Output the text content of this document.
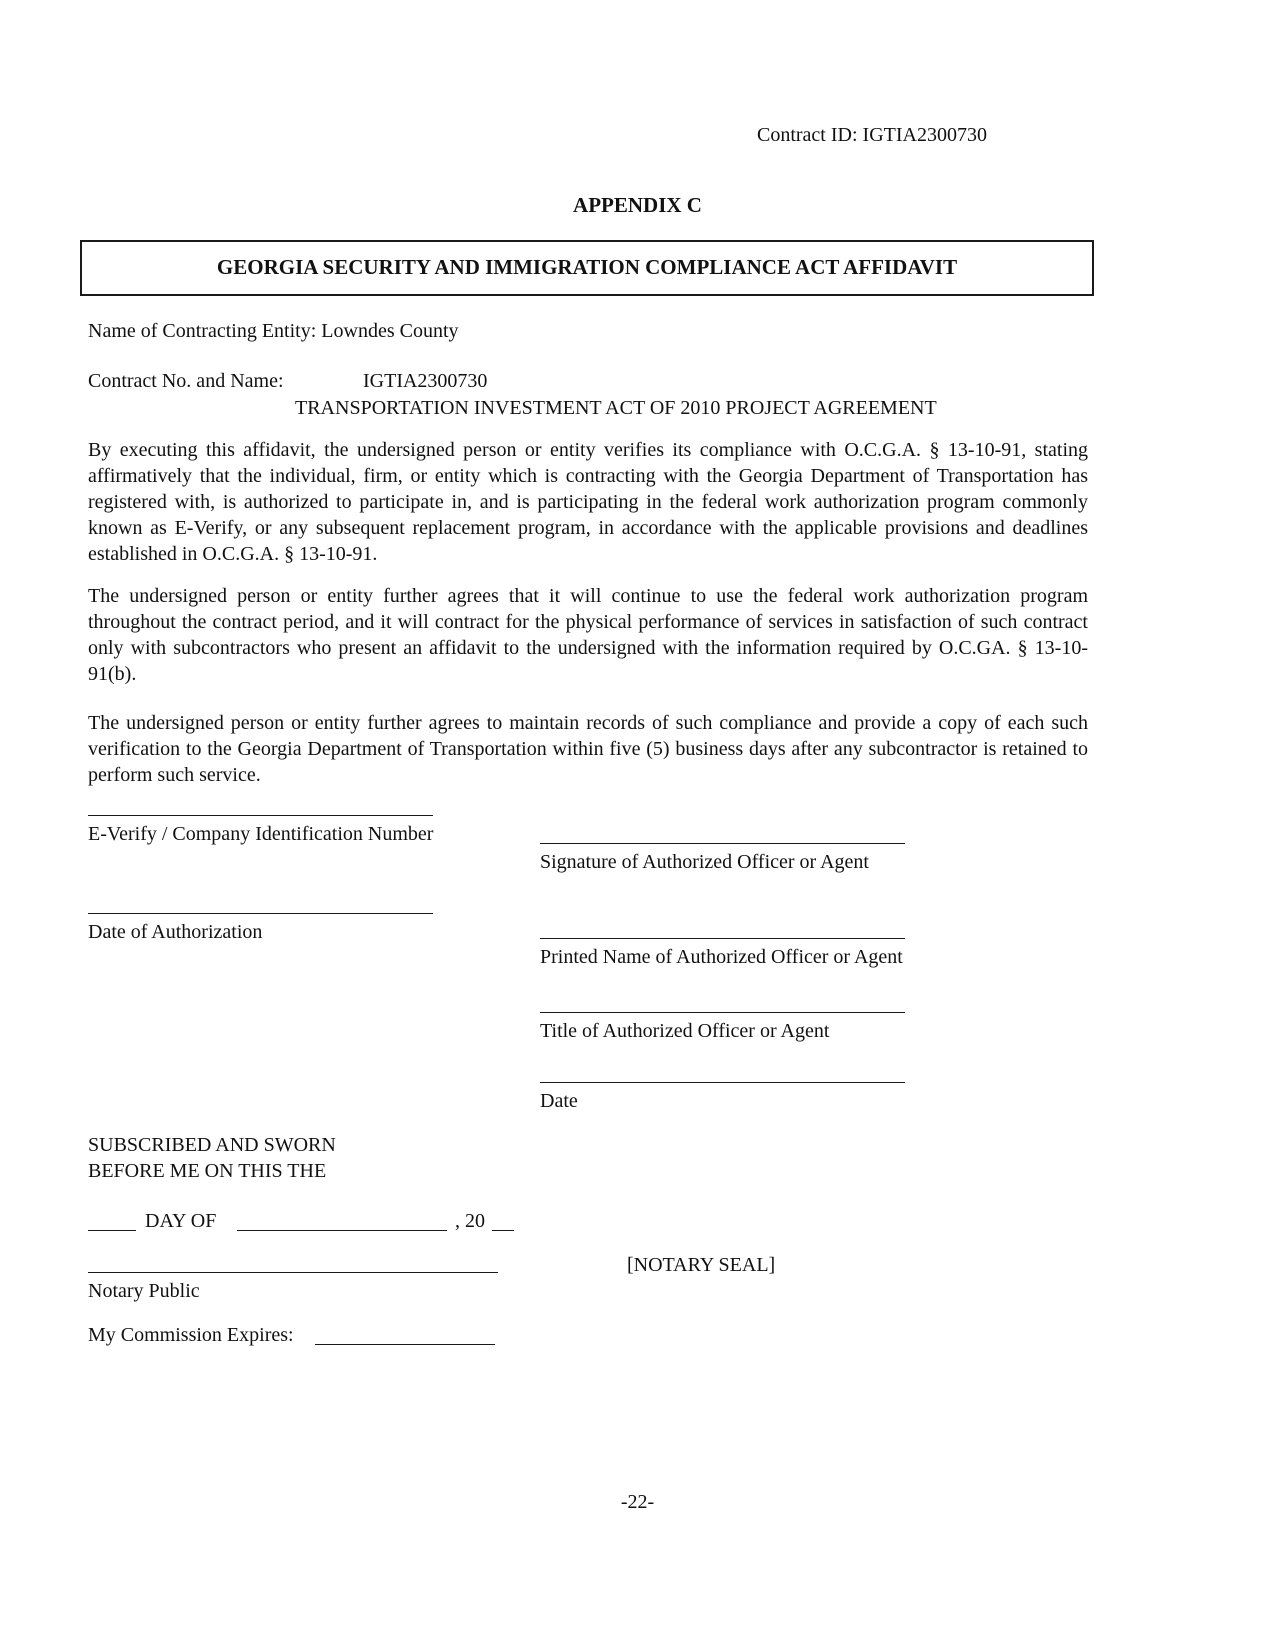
Contract ID: IGTIA2300730
APPENDIX C
GEORGIA SECURITY AND IMMIGRATION COMPLIANCE ACT AFFIDAVIT
Name of Contracting Entity: Lowndes County
Contract No. and Name:	IGTIA2300730
TRANSPORTATION INVESTMENT ACT OF 2010 PROJECT AGREEMENT
By executing this affidavit, the undersigned person or entity verifies its compliance with O.C.G.A. § 13-10-91, stating affirmatively that the individual, firm, or entity which is contracting with the Georgia Department of Transportation has registered with, is authorized to participate in, and is participating in the federal work authorization program commonly known as E-Verify, or any subsequent replacement program, in accordance with the applicable provisions and deadlines established in O.C.G.A. § 13-10-91.
The undersigned person or entity further agrees that it will continue to use the federal work authorization program throughout the contract period, and it will contract for the physical performance of services in satisfaction of such contract only with subcontractors who present an affidavit to the undersigned with the information required by O.C.GA. § 13-10-91(b).
The undersigned person or entity further agrees to maintain records of such compliance and provide a copy of each such verification to the Georgia Department of Transportation within five (5) business days after any subcontractor is retained to perform such service.
E-Verify / Company Identification Number
Date of Authorization
Signature of Authorized Officer or Agent
Printed Name of Authorized Officer or Agent
Title of Authorized Officer or Agent
Date
SUBSCRIBED AND SWORN
BEFORE ME ON THIS THE
DAY OF	, 20
Notary Public
[NOTARY SEAL]
My Commission Expires:
-22-
